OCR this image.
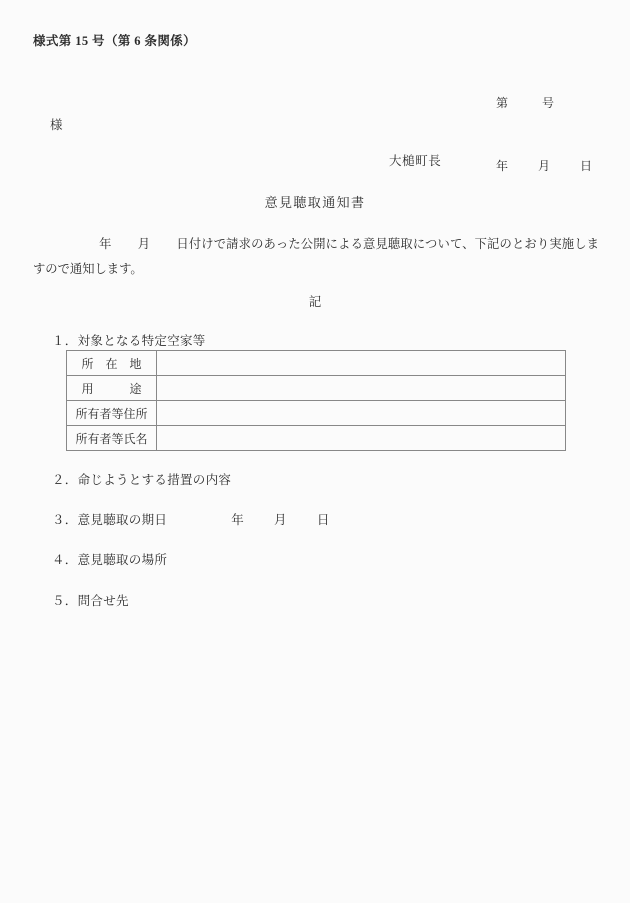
様式第 15 号（第 6 条関係）

第	号

年	月	日

様
大槌町長
意見聴取通知書
年 月 日付けで請求のあった公開による意見聴取について、下記のとおり実施しますので通知します。
記
１．対象となる特定空家等
所　在　地	
用　　　途	
所有者等住所	
所有者等氏名	
２．命じようとする措置の内容
３．意見聴取の期日	年 月 日
４．意見聴取の場所
５．問合せ先
